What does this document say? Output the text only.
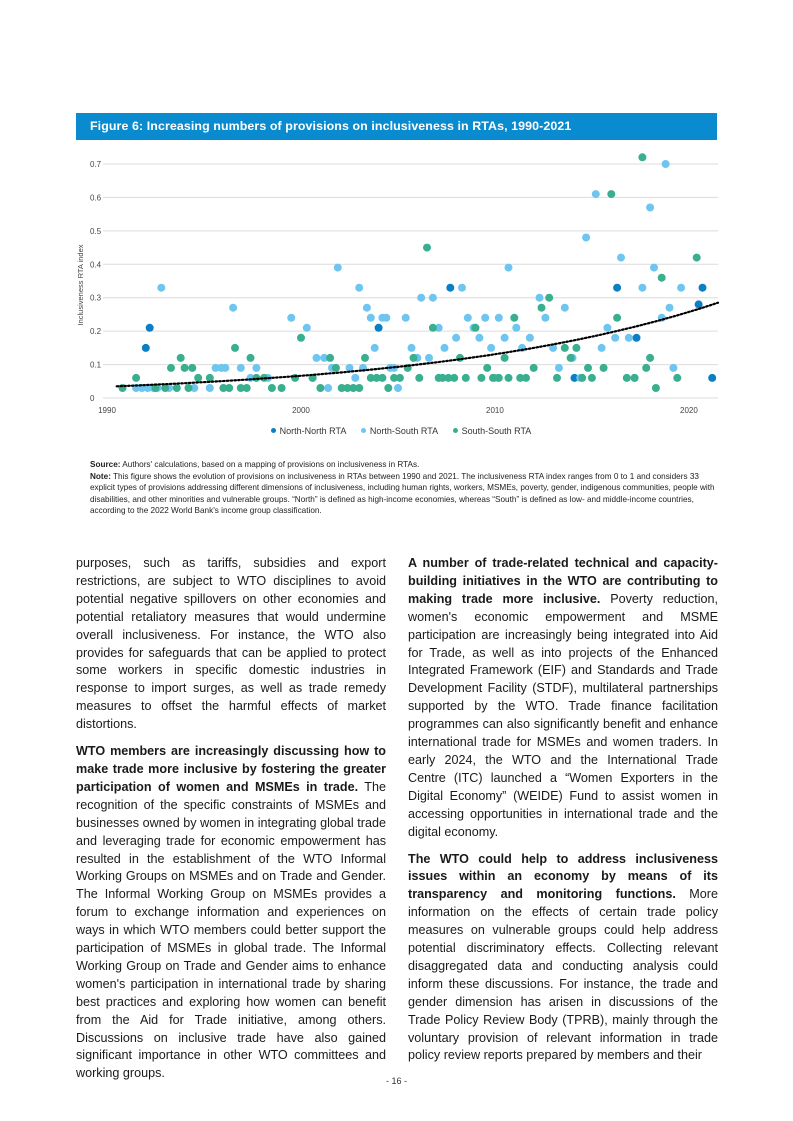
Figure 6: Increasing numbers of provisions on inclusiveness in RTAs, 1990-2021
0
0.1
0.2
0.3
0.4
0.5
0.6
0.7
1990	2000	2010	2020
Inclusiveness RTA index
North-North RTA	North-South RTA	South-South RTA
Source: Authors' calculations, based on a mapping of provisions on inclusiveness in RTAs.
Note: This figure shows the evolution of provisions on inclusiveness in RTAs between 1990 and 2021. The inclusiveness RTA index ranges from 0 to 1 and considers 33 explicit types of provisions addressing different dimensions of inclusiveness, including human rights, workers, MSMEs, poverty, gender, indigenous communities, people with disabilities, and other minorities and vulnerable groups. “North” is defined as high-income economies, whereas “South” is defined as low- and middle-income countries, according to the 2022 World Bank's income group classification.

purposes, such as tariffs, subsidies and export restrictions, are subject to WTO disciplines to avoid potential negative spillovers on other economies and potential retaliatory measures that would undermine overall inclusiveness. For instance, the WTO also provides for safeguards that can be applied to protect some workers in specific domestic industries in response to import surges, as well as trade remedy measures to offset the harmful effects of market distortions.

WTO members are increasingly discussing how to make trade more inclusive by fostering the greater participation of women and MSMEs in trade. The recognition of the specific constraints of MSMEs and businesses owned by women in integrating global trade and leveraging trade for economic empowerment has resulted in the establishment of the WTO Informal Working Groups on MSMEs and on Trade and Gender. The Informal Working Group on MSMEs provides a forum to exchange information and experiences on ways in which WTO members could better support the participation of MSMEs in global trade. The Informal Working Group on Trade and Gender aims to enhance women's participation in international trade by sharing best practices and exploring how women can benefit from the Aid for Trade initiative, among others. Discussions on inclusive trade have also gained significant importance in other WTO committees and working groups.

A number of trade-related technical and capacity-building initiatives in the WTO are contributing to making trade more inclusive. Poverty reduction, women's economic empowerment and MSME participation are increasingly being integrated into Aid for Trade, as well as into projects of the Enhanced Integrated Framework (EIF) and Standards and Trade Development Facility (STDF), multilateral partnerships supported by the WTO. Trade finance facilitation programmes can also significantly benefit and enhance international trade for MSMEs and women traders. In early 2024, the WTO and the International Trade Centre (ITC) launched a “Women Exporters in the Digital Economy” (WEIDE) Fund to assist women in accessing opportunities in international trade and the digital economy.

The WTO could help to address inclusiveness issues within an economy by means of its transparency and monitoring functions. More information on the effects of certain trade policy measures on vulnerable groups could help address potential discriminatory effects. Collecting relevant disaggregated data and conducting analysis could inform these discussions. For instance, the trade and gender dimension has arisen in discussions of the Trade Policy Review Body (TPRB), mainly through the voluntary provision of relevant information in trade policy review reports prepared by members and their

- 16 -
